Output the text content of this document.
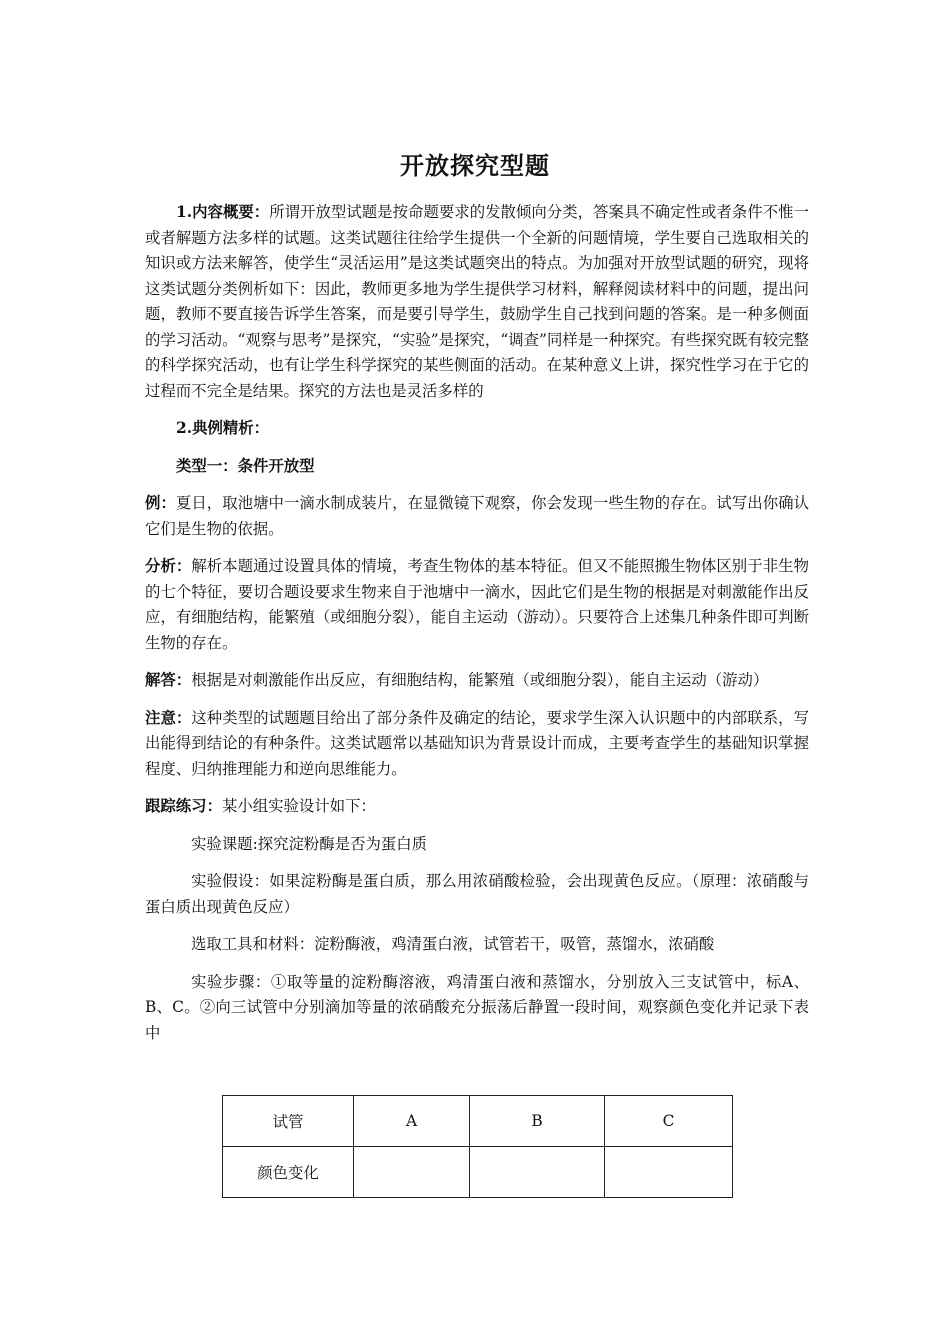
开放探究型题

1.内容概要：所谓开放型试题是按命题要求的发散倾向分类，答案具不确定性或者条件不惟一或者解题方法多样的试题。这类试题往往给学生提供一个全新的问题情境，学生要自己选取相关的知识或方法来解答，使学生“灵活运用”是这类试题突出的特点。为加强对开放型试题的研究，现将这类试题分类例析如下：因此，教师更多地为学生提供学习材料，解释阅读材料中的问题，提出问题，教师不要直接告诉学生答案，而是要引导学生，鼓励学生自己找到问题的答案。是一种多侧面的学习活动。“观察与思考”是探究，“实验”是探究，“调查”同样是一种探究。有些探究既有较完整的科学探究活动，也有让学生科学探究的某些侧面的活动。在某种意义上讲，探究性学习在于它的过程而不完全是结果。探究的方法也是灵活多样的

2.典例精析：

类型一：条件开放型

例：夏日，取池塘中一滴水制成装片，在显微镜下观察，你会发现一些生物的存在。试写出你确认它们是生物的依据。

分析：解析本题通过设置具体的情境，考查生物体的基本特征。但又不能照搬生物体区别于非生物的七个特征，要切合题设要求生物来自于池塘中一滴水，因此它们是生物的根据是对刺激能作出反应，有细胞结构，能繁殖（或细胞分裂），能自主运动（游动）。只要符合上述集几种条件即可判断生物的存在。

解答：根据是对刺激能作出反应，有细胞结构，能繁殖（或细胞分裂），能自主运动（游动）

注意：这种类型的试题题目给出了部分条件及确定的结论，要求学生深入认识题中的内部联系，写出能得到结论的有种条件。这类试题常以基础知识为背景设计而成，主要考查学生的基础知识掌握程度、归纳推理能力和逆向思维能力。

跟踪练习：某小组实验设计如下：

实验课题:探究淀粉酶是否为蛋白质

实验假设：如果淀粉酶是蛋白质，那么用浓硝酸检验，会出现黄色反应。（原理：浓硝酸与蛋白质出现黄色反应）

选取工具和材料：淀粉酶液，鸡清蛋白液，试管若干，吸管，蒸馏水，浓硝酸

实验步骤：①取等量的淀粉酶溶液，鸡清蛋白液和蒸馏水，分别放入三支试管中，标A、B、C。②向三试管中分别滴加等量的浓硝酸充分振荡后静置一段时间，观察颜色变化并记录下表中

试管	A	B	C
颜色变化			
